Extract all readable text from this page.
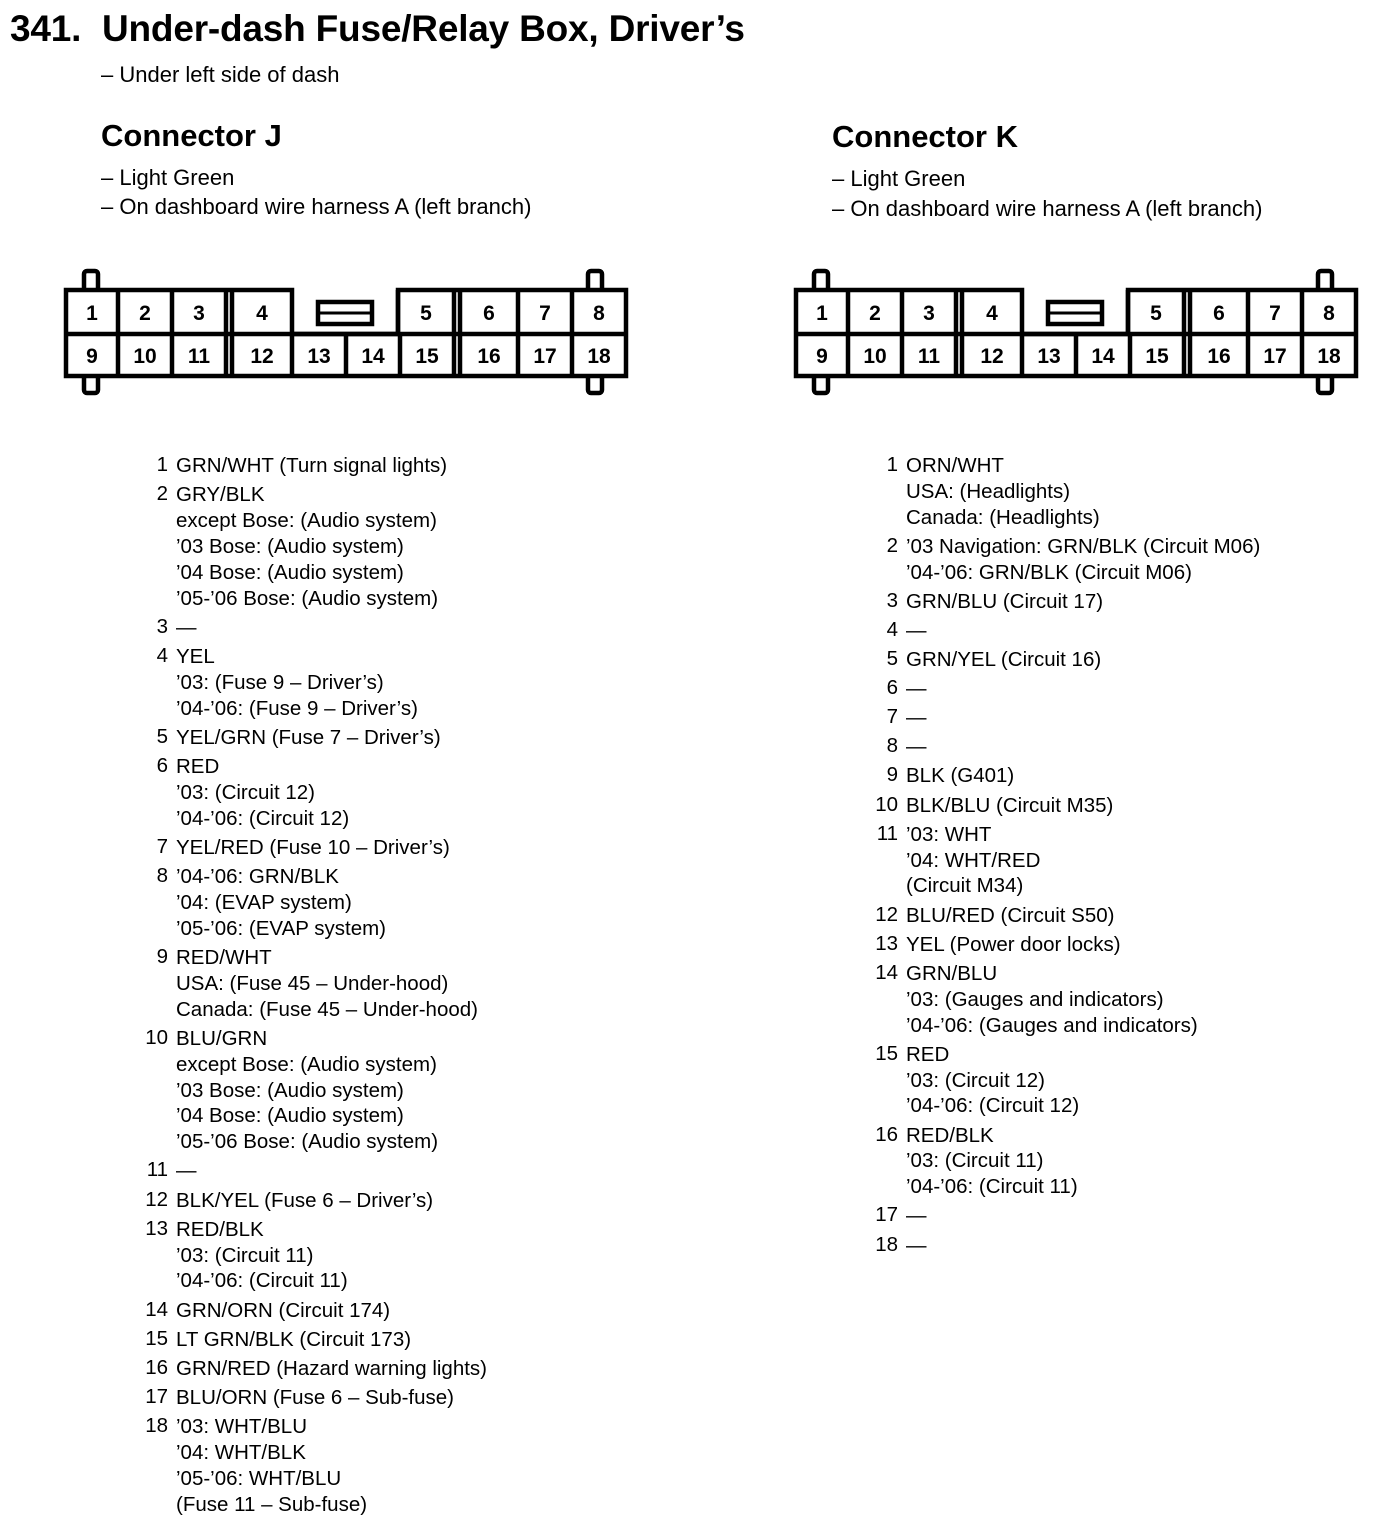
341. Under-dash Fuse/Relay Box, Driver’s
– Under left side of dash
Connector J
– Light Green
– On dashboard wire harness A (left branch)
Connector K
– Light Green
– On dashboard wire harness A (left branch)
1 2 3 4	5 6 7 8
9 10 11 12 13 14 15 16 17 18
1 2 3 4	5 6 7 8
9 10 11 12 13 14 15 16 17 18
1 GRN/WHT (Turn signal lights)
2 GRY/BLK
except Bose: (Audio system)
’03 Bose: (Audio system)
’04 Bose: (Audio system)
’05-’06 Bose: (Audio system)
3 —
4 YEL
’03: (Fuse 9 – Driver’s)
’04-’06: (Fuse 9 – Driver’s)
5 YEL/GRN (Fuse 7 – Driver’s)
6 RED
’03: (Circuit 12)
’04-’06: (Circuit 12)
7 YEL/RED (Fuse 10 – Driver’s)
8 ’04-’06: GRN/BLK
’04: (EVAP system)
’05-’06: (EVAP system)
9 RED/WHT
USA: (Fuse 45 – Under-hood)
Canada: (Fuse 45 – Under-hood)
10 BLU/GRN
except Bose: (Audio system)
’03 Bose: (Audio system)
’04 Bose: (Audio system)
’05-’06 Bose: (Audio system)
11 —
12 BLK/YEL (Fuse 6 – Driver’s)
13 RED/BLK
’03: (Circuit 11)
’04-’06: (Circuit 11)
14 GRN/ORN (Circuit 174)
15 LT GRN/BLK (Circuit 173)
16 GRN/RED (Hazard warning lights)
17 BLU/ORN (Fuse 6 – Sub-fuse)
18 ’03: WHT/BLU
’04: WHT/BLK
’05-’06: WHT/BLU
(Fuse 11 – Sub-fuse)
1 ORN/WHT
USA: (Headlights)
Canada: (Headlights)
2 ’03 Navigation: GRN/BLK (Circuit M06)
’04-’06: GRN/BLK (Circuit M06)
3 GRN/BLU (Circuit 17)
4 —
5 GRN/YEL (Circuit 16)
6 —
7 —
8 —
9 BLK (G401)
10 BLK/BLU (Circuit M35)
11 ’03: WHT
’04: WHT/RED
(Circuit M34)
12 BLU/RED (Circuit S50)
13 YEL (Power door locks)
14 GRN/BLU
’03: (Gauges and indicators)
’04-’06: (Gauges and indicators)
15 RED
’03: (Circuit 12)
’04-’06: (Circuit 12)
16 RED/BLK
’03: (Circuit 11)
’04-’06: (Circuit 11)
17 —
18 —
